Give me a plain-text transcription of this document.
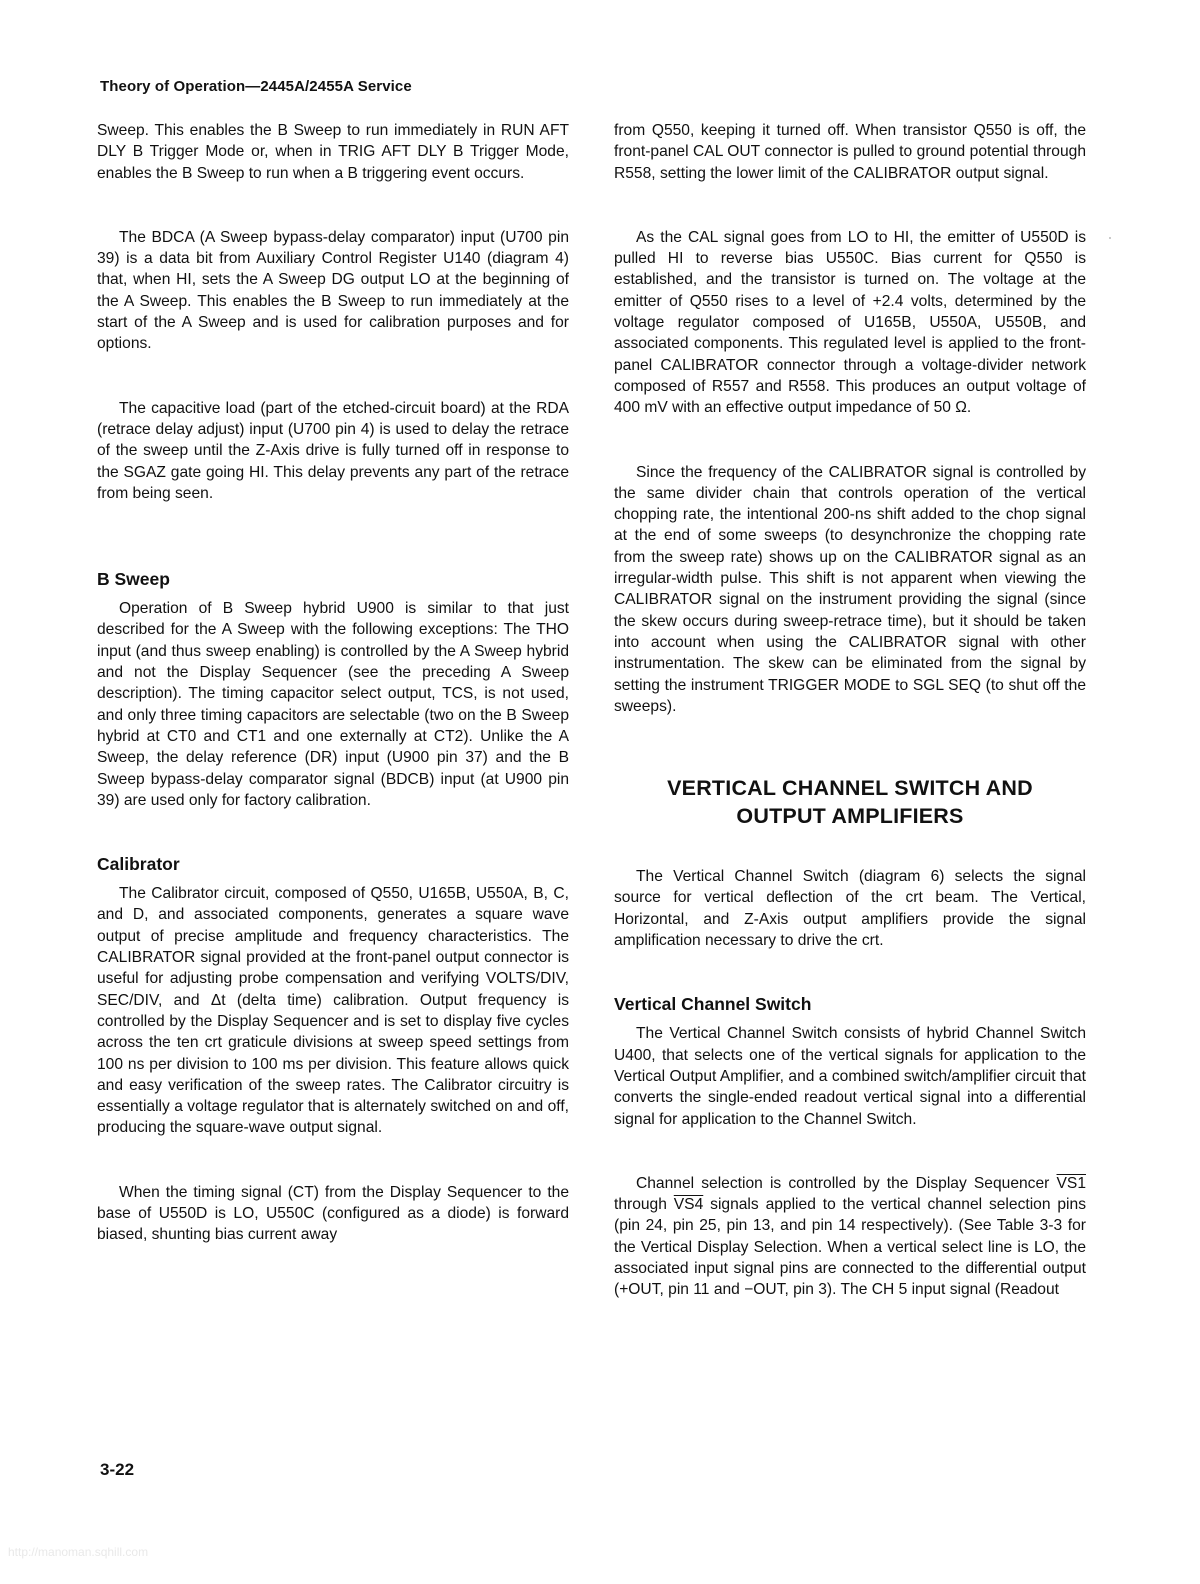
Theory of Operation—2445A/2455A Service

Sweep. This enables the B Sweep to run immediately in RUN AFT DLY B Trigger Mode or, when in TRIG AFT DLY B Trigger Mode, enables the B Sweep to run when a B triggering event occurs.

The BDCA (A Sweep bypass-delay comparator) input (U700 pin 39) is a data bit from Auxiliary Control Register U140 (diagram 4) that, when HI, sets the A Sweep DG output LO at the beginning of the A Sweep. This enables the B Sweep to run immediately at the start of the A Sweep and is used for calibration purposes and for options.

The capacitive load (part of the etched-circuit board) at the RDA (retrace delay adjust) input (U700 pin 4) is used to delay the retrace of the sweep until the Z-Axis drive is fully turned off in response to the SGAZ gate going HI. This delay prevents any part of the retrace from being seen.

B Sweep

Operation of B Sweep hybrid U900 is similar to that just described for the A Sweep with the following exceptions: The THO input (and thus sweep enabling) is controlled by the A Sweep hybrid and not the Display Sequencer (see the preceding A Sweep description). The timing capacitor select output, TCS, is not used, and only three timing capacitors are selectable (two on the B Sweep hybrid at CT0 and CT1 and one externally at CT2). Unlike the A Sweep, the delay reference (DR) input (U900 pin 37) and the B Sweep bypass-delay comparator signal (BDCB) input (at U900 pin 39) are used only for factory calibration.

Calibrator

The Calibrator circuit, composed of Q550, U165B, U550A, B, C, and D, and associated components, generates a square wave output of precise amplitude and frequency characteristics. The CALIBRATOR signal provided at the front-panel output connector is useful for adjusting probe compensation and verifying VOLTS/DIV, SEC/DIV, and Δt (delta time) calibration. Output frequency is controlled by the Display Sequencer and is set to display five cycles across the ten crt graticule divisions at sweep speed settings from 100 ns per division to 100 ms per division. This feature allows quick and easy verification of the sweep rates. The Calibrator circuitry is essentially a voltage regulator that is alternately switched on and off, producing the square-wave output signal.

When the timing signal (CT) from the Display Sequencer to the base of U550D is LO, U550C (configured as a diode) is forward biased, shunting bias current away

from Q550, keeping it turned off. When transistor Q550 is off, the front-panel CAL OUT connector is pulled to ground potential through R558, setting the lower limit of the CALIBRATOR output signal.

As the CAL signal goes from LO to HI, the emitter of U550D is pulled HI to reverse bias U550C. Bias current for Q550 is established, and the transistor is turned on. The voltage at the emitter of Q550 rises to a level of +2.4 volts, determined by the voltage regulator composed of U165B, U550A, U550B, and associated components. This regulated level is applied to the front-panel CALIBRATOR connector through a voltage-divider network composed of R557 and R558. This produces an output voltage of 400 mV with an effective output impedance of 50 Ω.

Since the frequency of the CALIBRATOR signal is controlled by the same divider chain that controls operation of the vertical chopping rate, the intentional 200-ns shift added to the chop signal at the end of some sweeps (to desynchronize the chopping rate from the sweep rate) shows up on the CALIBRATOR signal as an irregular-width pulse. This shift is not apparent when viewing the CALIBRATOR signal on the instrument providing the signal (since the skew occurs during sweep-retrace time), but it should be taken into account when using the CALIBRATOR signal with other instrumentation. The skew can be eliminated from the signal by setting the instrument TRIGGER MODE to SGL SEQ (to shut off the sweeps).

VERTICAL CHANNEL SWITCH AND
OUTPUT AMPLIFIERS

The Vertical Channel Switch (diagram 6) selects the signal source for vertical deflection of the crt beam. The Vertical, Horizontal, and Z-Axis output amplifiers provide the signal amplification necessary to drive the crt.

Vertical Channel Switch

The Vertical Channel Switch consists of hybrid Channel Switch U400, that selects one of the vertical signals for application to the Vertical Output Amplifier, and a combined switch/amplifier circuit that converts the single-ended readout vertical signal into a differential signal for application to the Channel Switch.

Channel selection is controlled by the Display Sequencer VS1 through VS4 signals applied to the vertical channel selection pins (pin 24, pin 25, pin 13, and pin 14 respectively). (See Table 3-3 for the Vertical Display Selection. When a vertical select line is LO, the associated input signal pins are connected to the differential output (+OUT, pin 11 and −OUT, pin 3). The CH 5 input signal (Readout

3-22
http://manoman.sqhill.com
